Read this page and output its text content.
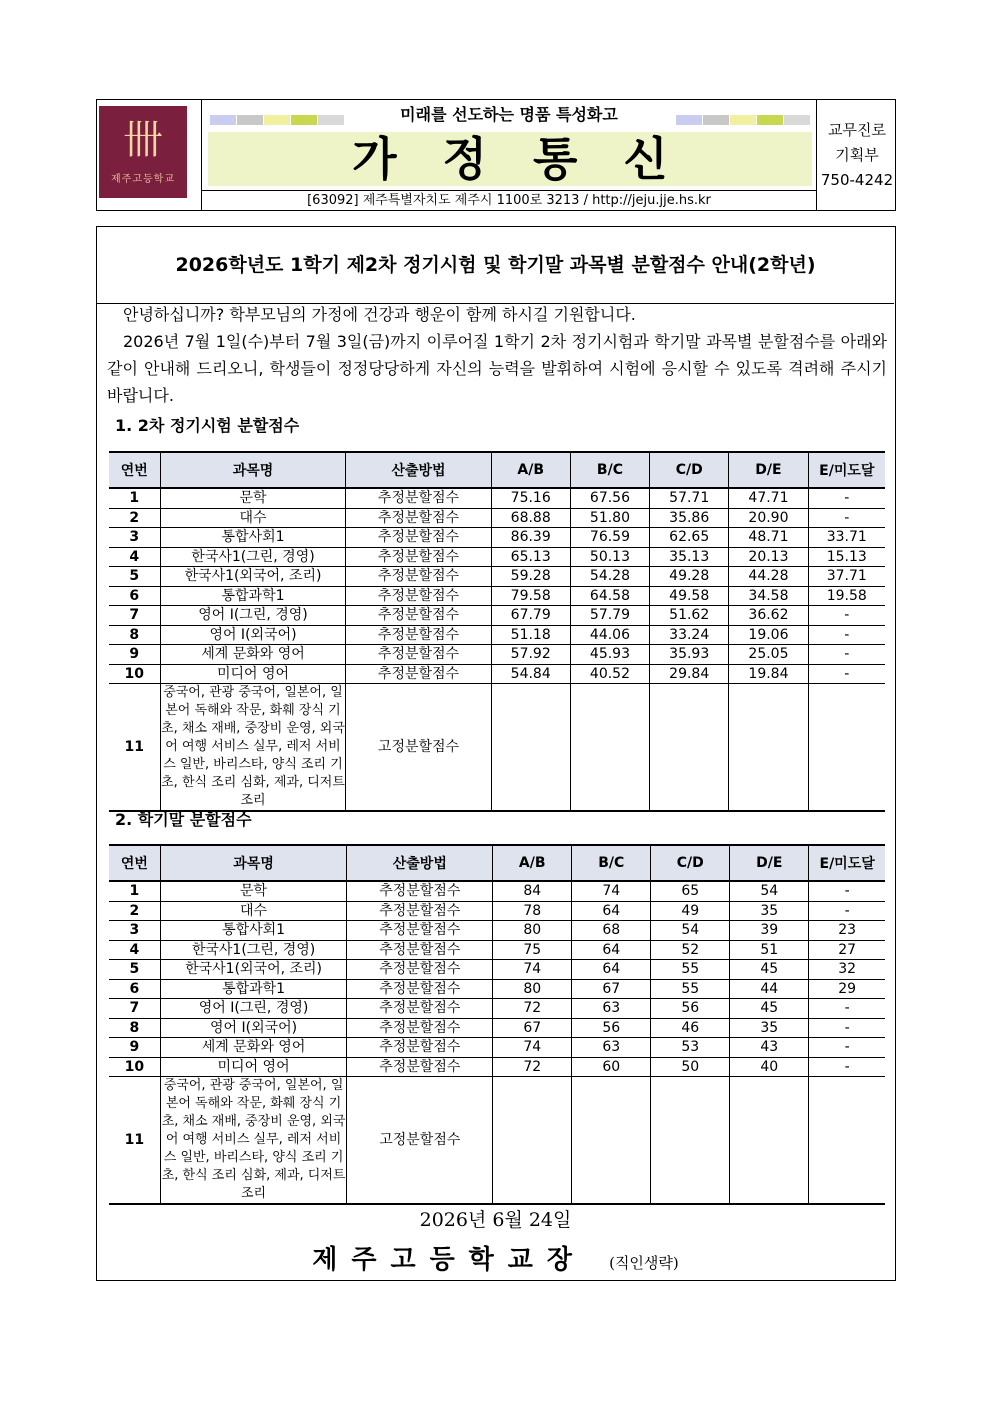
卌
제주고등학교
미래를 선도하는 명품 특성화고
가정통신
[63092] 제주특별자치도 제주시 1100로 3213 / http://jeju.jje.hs.kr
교무진로
기획부
750-4242
2026학년도 1학기 제2차 정기시험 및 학기말 과목별 분할점수 안내(2학년)

안녕하십니까? 학부모님의 가정에 건강과 행운이 함께 하시길 기원합니다.

2026년 7월 1일(수)부터 7월 3일(금)까지 이루어질 1학기 2차 정기시험과 학기말 과목별 분할점수를 아래와 같이 안내해 드리오니, 학생들이 정정당당하게 자신의 능력을 발휘하여 시험에 응시할 수 있도록 격려해 주시기 바랍니다.

1. 2차 정기시험 분할점수
연번	과목명	산출방법	A/B	B/C	C/D	D/E	E/미도달
1	문학	추정분할점수	75.16	67.56	57.71	47.71	-
2	대수	추정분할점수	68.88	51.80	35.86	20.90	-
3	통합사회1	추정분할점수	86.39	76.59	62.65	48.71	33.71
4	한국사1(그린, 경영)	추정분할점수	65.13	50.13	35.13	20.13	15.13
5	한국사1(외국어, 조리)	추정분할점수	59.28	54.28	49.28	44.28	37.71
6	통합과학1	추정분할점수	79.58	64.58	49.58	34.58	19.58
7	영어 I(그린, 경영)	추정분할점수	67.79	57.79	51.62	36.62	-
8	영어 I(외국어)	추정분할점수	51.18	44.06	33.24	19.06	-
9	세계 문화와 영어	추정분할점수	57.92	45.93	35.93	25.05	-
10	미디어 영어	추정분할점수	54.84	40.52	29.84	19.84	-
11	중국어, 관광 중국어, 일본어, 일본어 독해와 작문, 화훼 장식 기초, 채소 재배, 중장비 운영, 외국어 여행 서비스 실무, 레저 서비스 일반, 바리스타, 양식 조리 기초, 한식 조리 심화, 제과, 디저트 조리	고정분할점수					
2. 학기말 분할점수
연번	과목명	산출방법	A/B	B/C	C/D	D/E	E/미도달
1	문학	추정분할점수	84	74	65	54	-
2	대수	추정분할점수	78	64	49	35	-
3	통합사회1	추정분할점수	80	68	54	39	23
4	한국사1(그린, 경영)	추정분할점수	75	64	52	51	27
5	한국사1(외국어, 조리)	추정분할점수	74	64	55	45	32
6	통합과학1	추정분할점수	80	67	55	44	29
7	영어 I(그린, 경영)	추정분할점수	72	63	56	45	-
8	영어 I(외국어)	추정분할점수	67	56	46	35	-
9	세계 문화와 영어	추정분할점수	74	63	53	43	-
10	미디어 영어	추정분할점수	72	60	50	40	-
11	중국어, 관광 중국어, 일본어, 일본어 독해와 작문, 화훼 장식 기초, 채소 재배, 중장비 운영, 외국어 여행 서비스 실무, 레저 서비스 일반, 바리스타, 양식 조리 기초, 한식 조리 심화, 제과, 디저트 조리	고정분할점수					
2026년 6월 24일
제주고등학교장 (직인생략)
